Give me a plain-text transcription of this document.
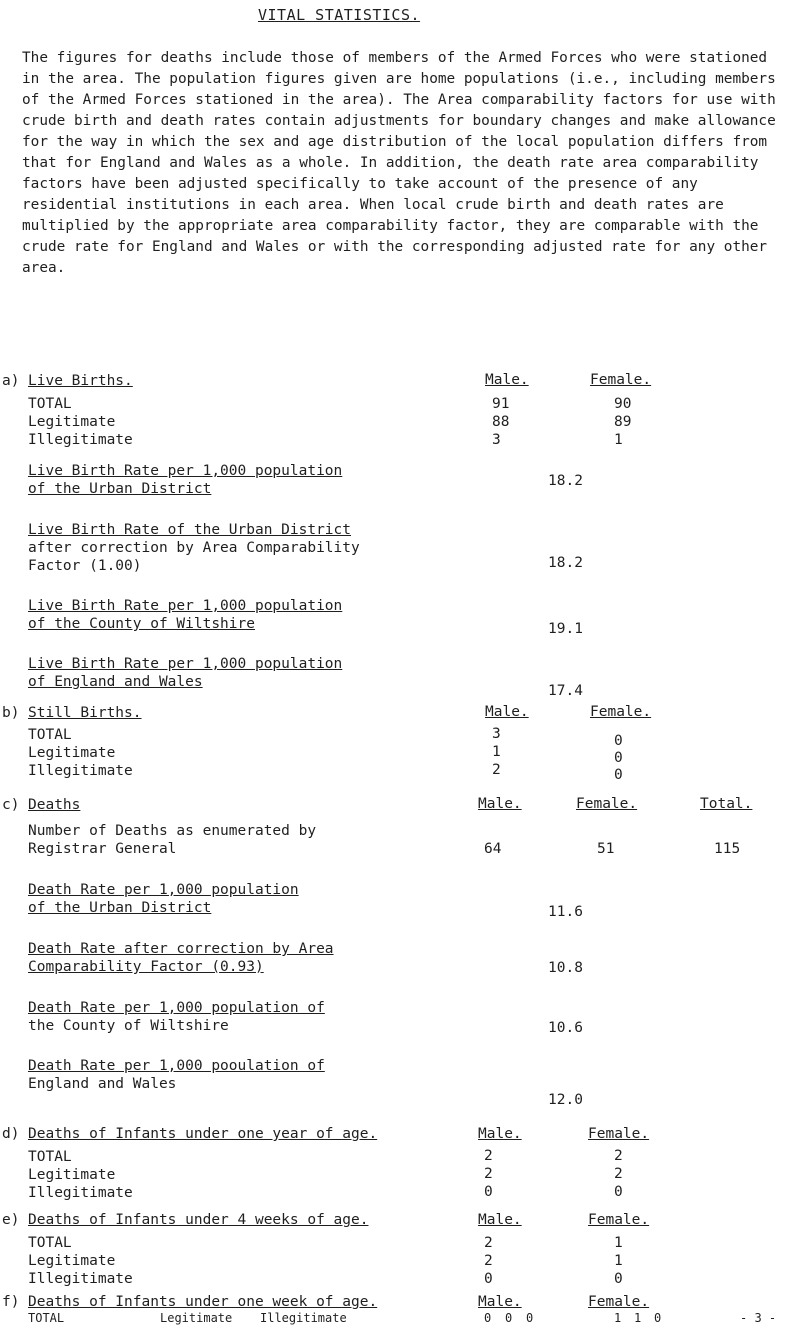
VITAL STATISTICS.
The figures for deaths include those of members of the Armed Forces who were stationed in the area. The population figures given are home populations (i.e., including members of the Armed Forces stationed in the area). The Area comparability factors for use with crude birth and death rates contain adjustments for boundary changes and make allowance for the way in which the sex and age distribution of the local population differs from that for England and Wales as a whole. In addition, the death rate area comparability factors have been adjusted specifically to take account of the presence of any residential institutions in each area. When local crude birth and death rates are multiplied by the appropriate area comparability factor, they are comparable with the crude rate for England and Wales or with the corresponding adjusted rate for any other area.
a) Live Births.	Male.	Female.
TOTAL	91	90
Legitimate	88	89
Illegitimate	3	1
Live Birth Rate per 1,000 population
of the Urban District	18.2
Live Birth Rate of the Urban District
after correction by Area Comparability
Factor (1.00)	18.2
Live Birth Rate per 1,000 population
of the County of Wiltshire	19.1
Live Birth Rate per 1,000 population
of England and Wales
17.4
b) Still Births.	Male.	Female.
TOTAL	3	0
Legitimate	1	0
Illegitimate	2	0
c) Deaths	Male.	Female.	Total.
Number of Deaths as enumerated by
Registrar General	64	51	115
Death Rate per 1,000 population
of the Urban District	11.6
Death Rate after correction by Area
Comparability Factor (0.93)	10.8
Death Rate per 1,000 population of
the County of Wiltshire	10.6
Death Rate per 1,000 pooulation of
England and Wales
12.0
d) Deaths of Infants under one year of age.	Male.	Female.
TOTAL	2	2
Legitimate	2	2
Illegitimate	0	0
e) Deaths of Infants under 4 weeks of age.	Male.	Female.
TOTAL	2	1
Legitimate	2	1
Illegitimate	0	0
f) Deaths of Infants under one week of age.	Male.	Female.
TOTAL	0	1
Legitimate	0	1
Illegitimate	0	0	- 3 -
